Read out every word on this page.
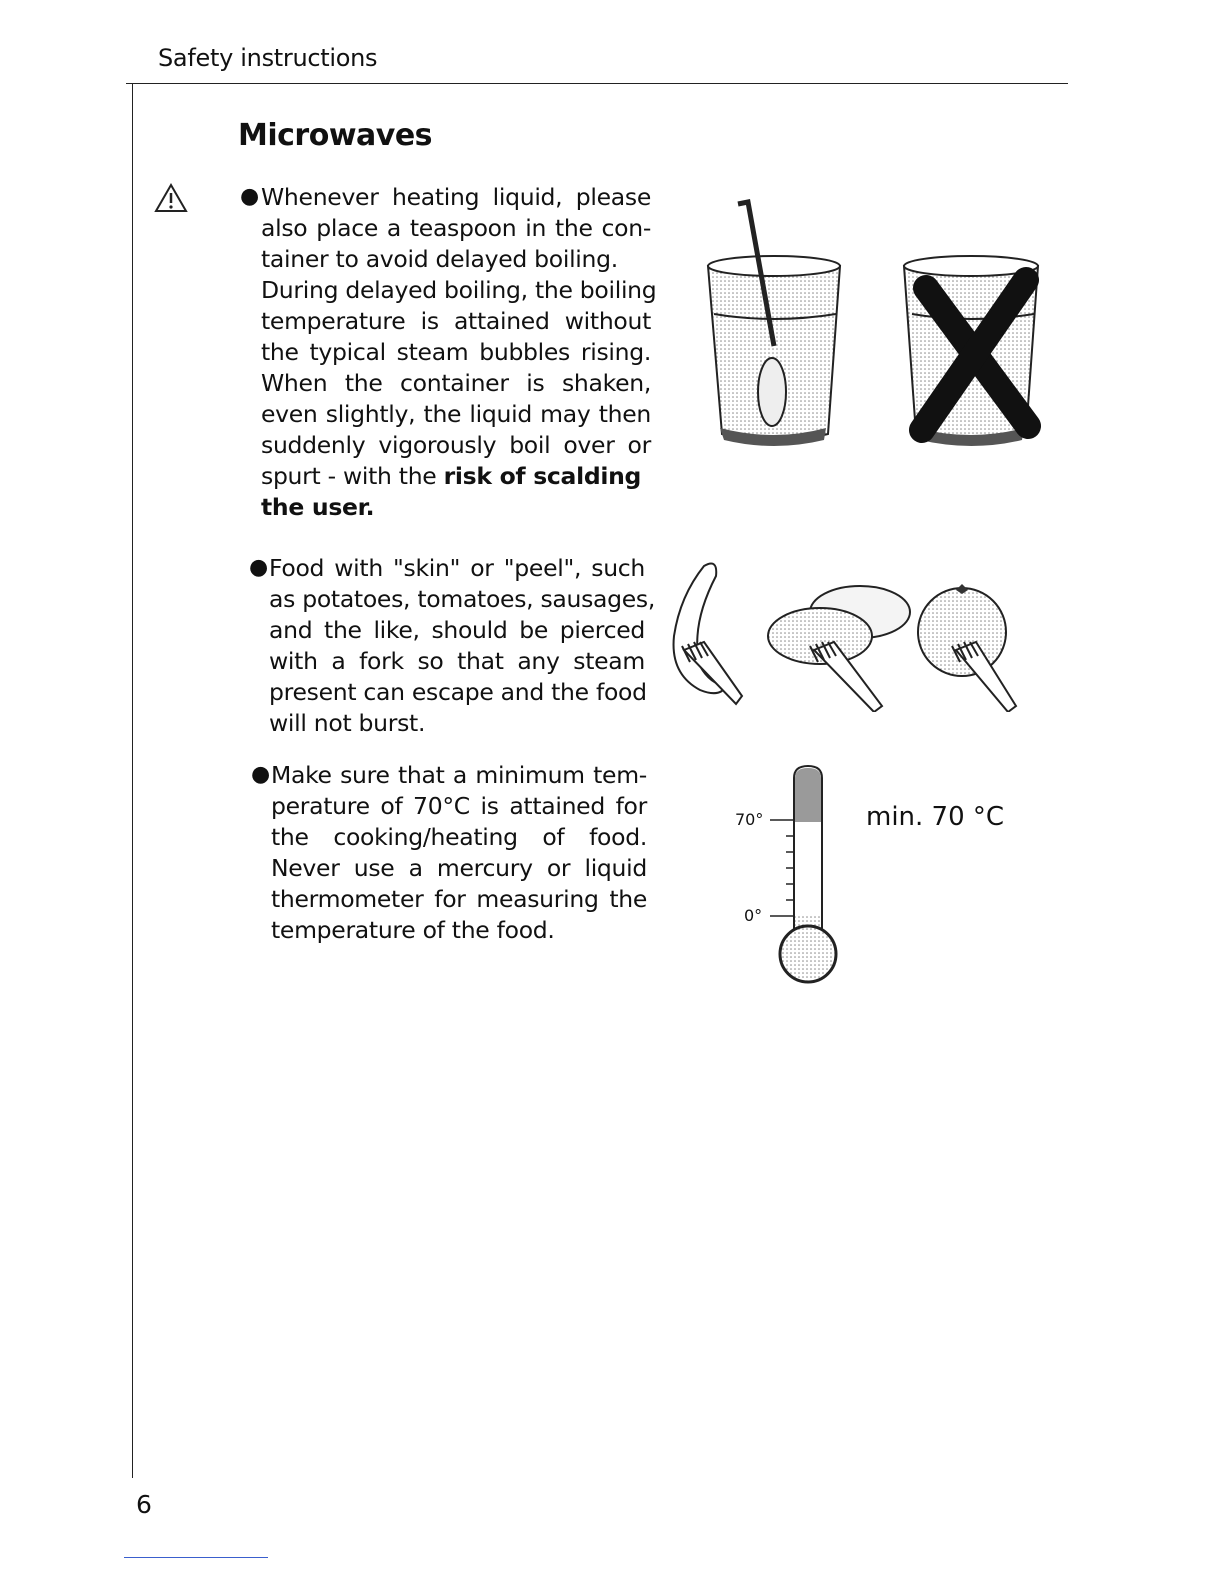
Safety instructions
Microwaves
● Whenever heating liquid, please
also place a teaspoon in the con-
tainer to avoid delayed boiling.
During delayed boiling, the boiling
temperature is attained without
the typical steam bubbles rising.
When the container is shaken,
even slightly, the liquid may then
suddenly vigorously boil over or
spurt - with the risk of scalding
the user.
● Food with "skin" or "peel", such
as potatoes, tomatoes, sausages,
and the like, should be pierced
with a fork so that any steam
present can escape and the food
will not burst.
● Make sure that a minimum tem-
perature of 70°C is attained for
the cooking/heating of food.
Never use a mercury or liquid
thermometer for measuring the
temperature of the food.
70°
0°
min. 70 °C
6
